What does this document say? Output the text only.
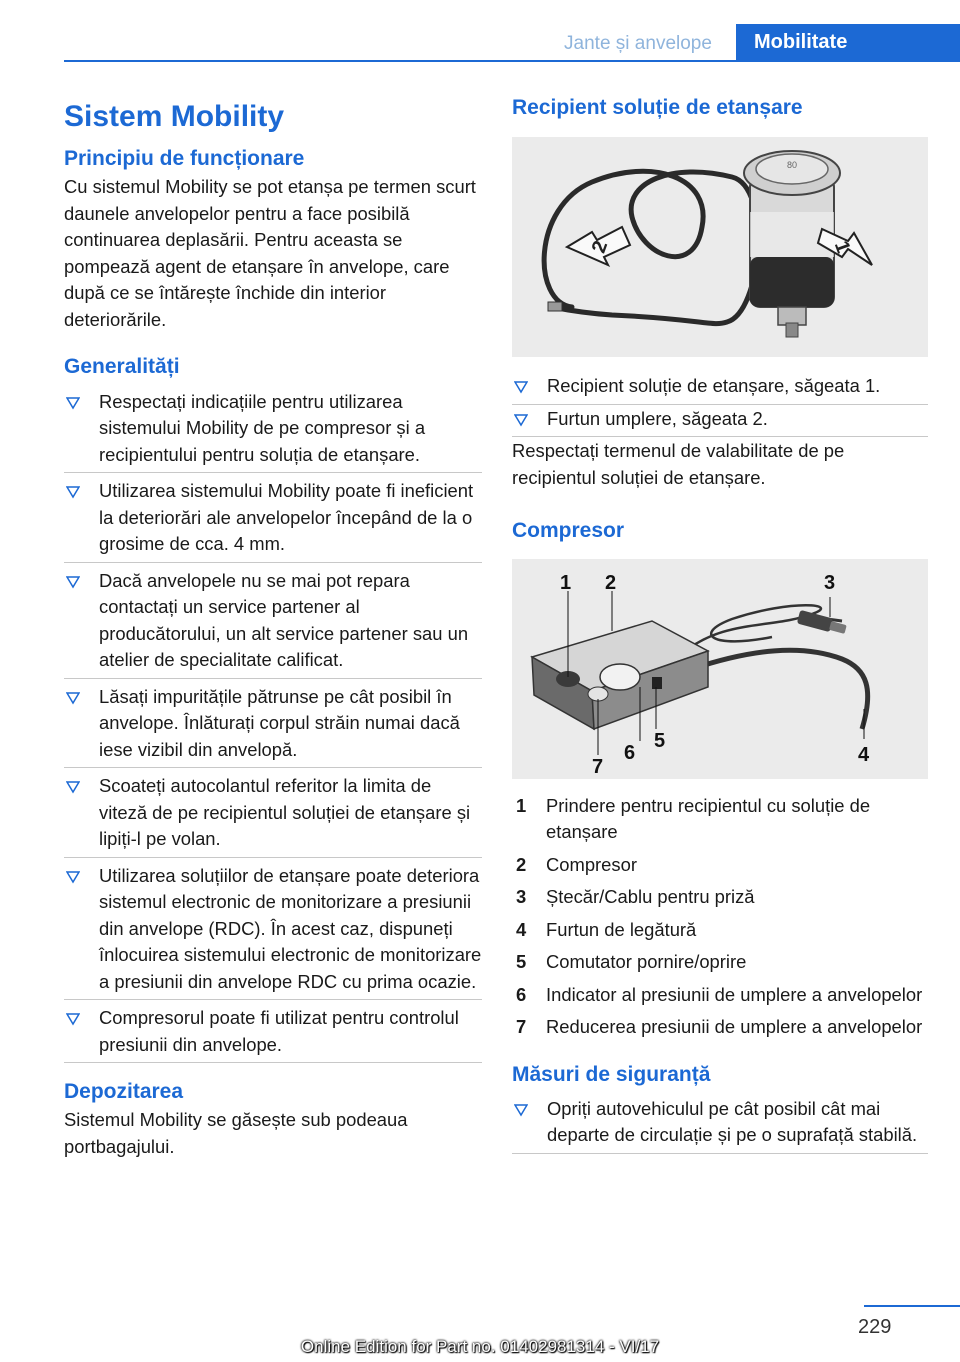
Jante și anvelope	Mobilitate
Sistem Mobility
Principiu de funcționare

Cu sistemul Mobility se pot etanșa pe termen scurt daunele anvelopelor pentru a face posibilă continuarea deplasării. Pentru aceasta se pompează agent de etanșare în anvelope, care după ce se întărește închide din interior deteriorările.

Generalități
Respectați indicațiile pentru utilizarea sistemului Mobility de pe compresor și a recipientului pentru soluția de etanșare.
Utilizarea sistemului Mobility poate fi ineficient la deteriorări ale anvelopelor începând de la o grosime de cca. 4 mm.
Dacă anvelopele nu se mai pot repara contactați un service partener al producătorului, un alt service partener sau un atelier de specialitate calificat.
Lăsați impuritățile pătrunse pe cât posibil în anvelope. Înlăturați corpul străin numai dacă iese vizibil din anvelopă.
Scoateți autocolantul referitor la limita de viteză de pe recipientul soluției de etanșare și lipiți-l pe volan.
Utilizarea soluțiilor de etanșare poate deteriora sistemul electronic de monitorizare a presiunii din anvelope (RDC). În acest caz, dispuneți înlocuirea sistemului electronic de monitorizare a presiunii din anvelope RDC cu prima ocazie.
Compresorul poate fi utilizat pentru controlul presiunii din anvelope.
Depozitarea

Sistemul Mobility se găsește sub podeaua portbagajului.

Recipient soluție de etanșare
80
2	1
Recipient soluție de etanșare, săgeata 1.
Furtun umplere, săgeata 2.

Respectați termenul de valabilitate de pe recipientul soluției de etanșare.

Compresor
1 2	3
4
5
6
7
1 Prindere pentru recipientul cu soluție de etanșare
2 Compresor
3 Ștecăr/Cablu pentru priză
4 Furtun de legătură
5 Comutator pornire/oprire
6 Indicator al presiunii de umplere a anvelopelor
7 Reducerea presiunii de umplere a anvelopelor
Măsuri de siguranță
Opriți autovehiculul pe cât posibil cât mai departe de circulație și pe o suprafață stabilă.
229
Online Edition for Part no. 01402981314 - VI/17
